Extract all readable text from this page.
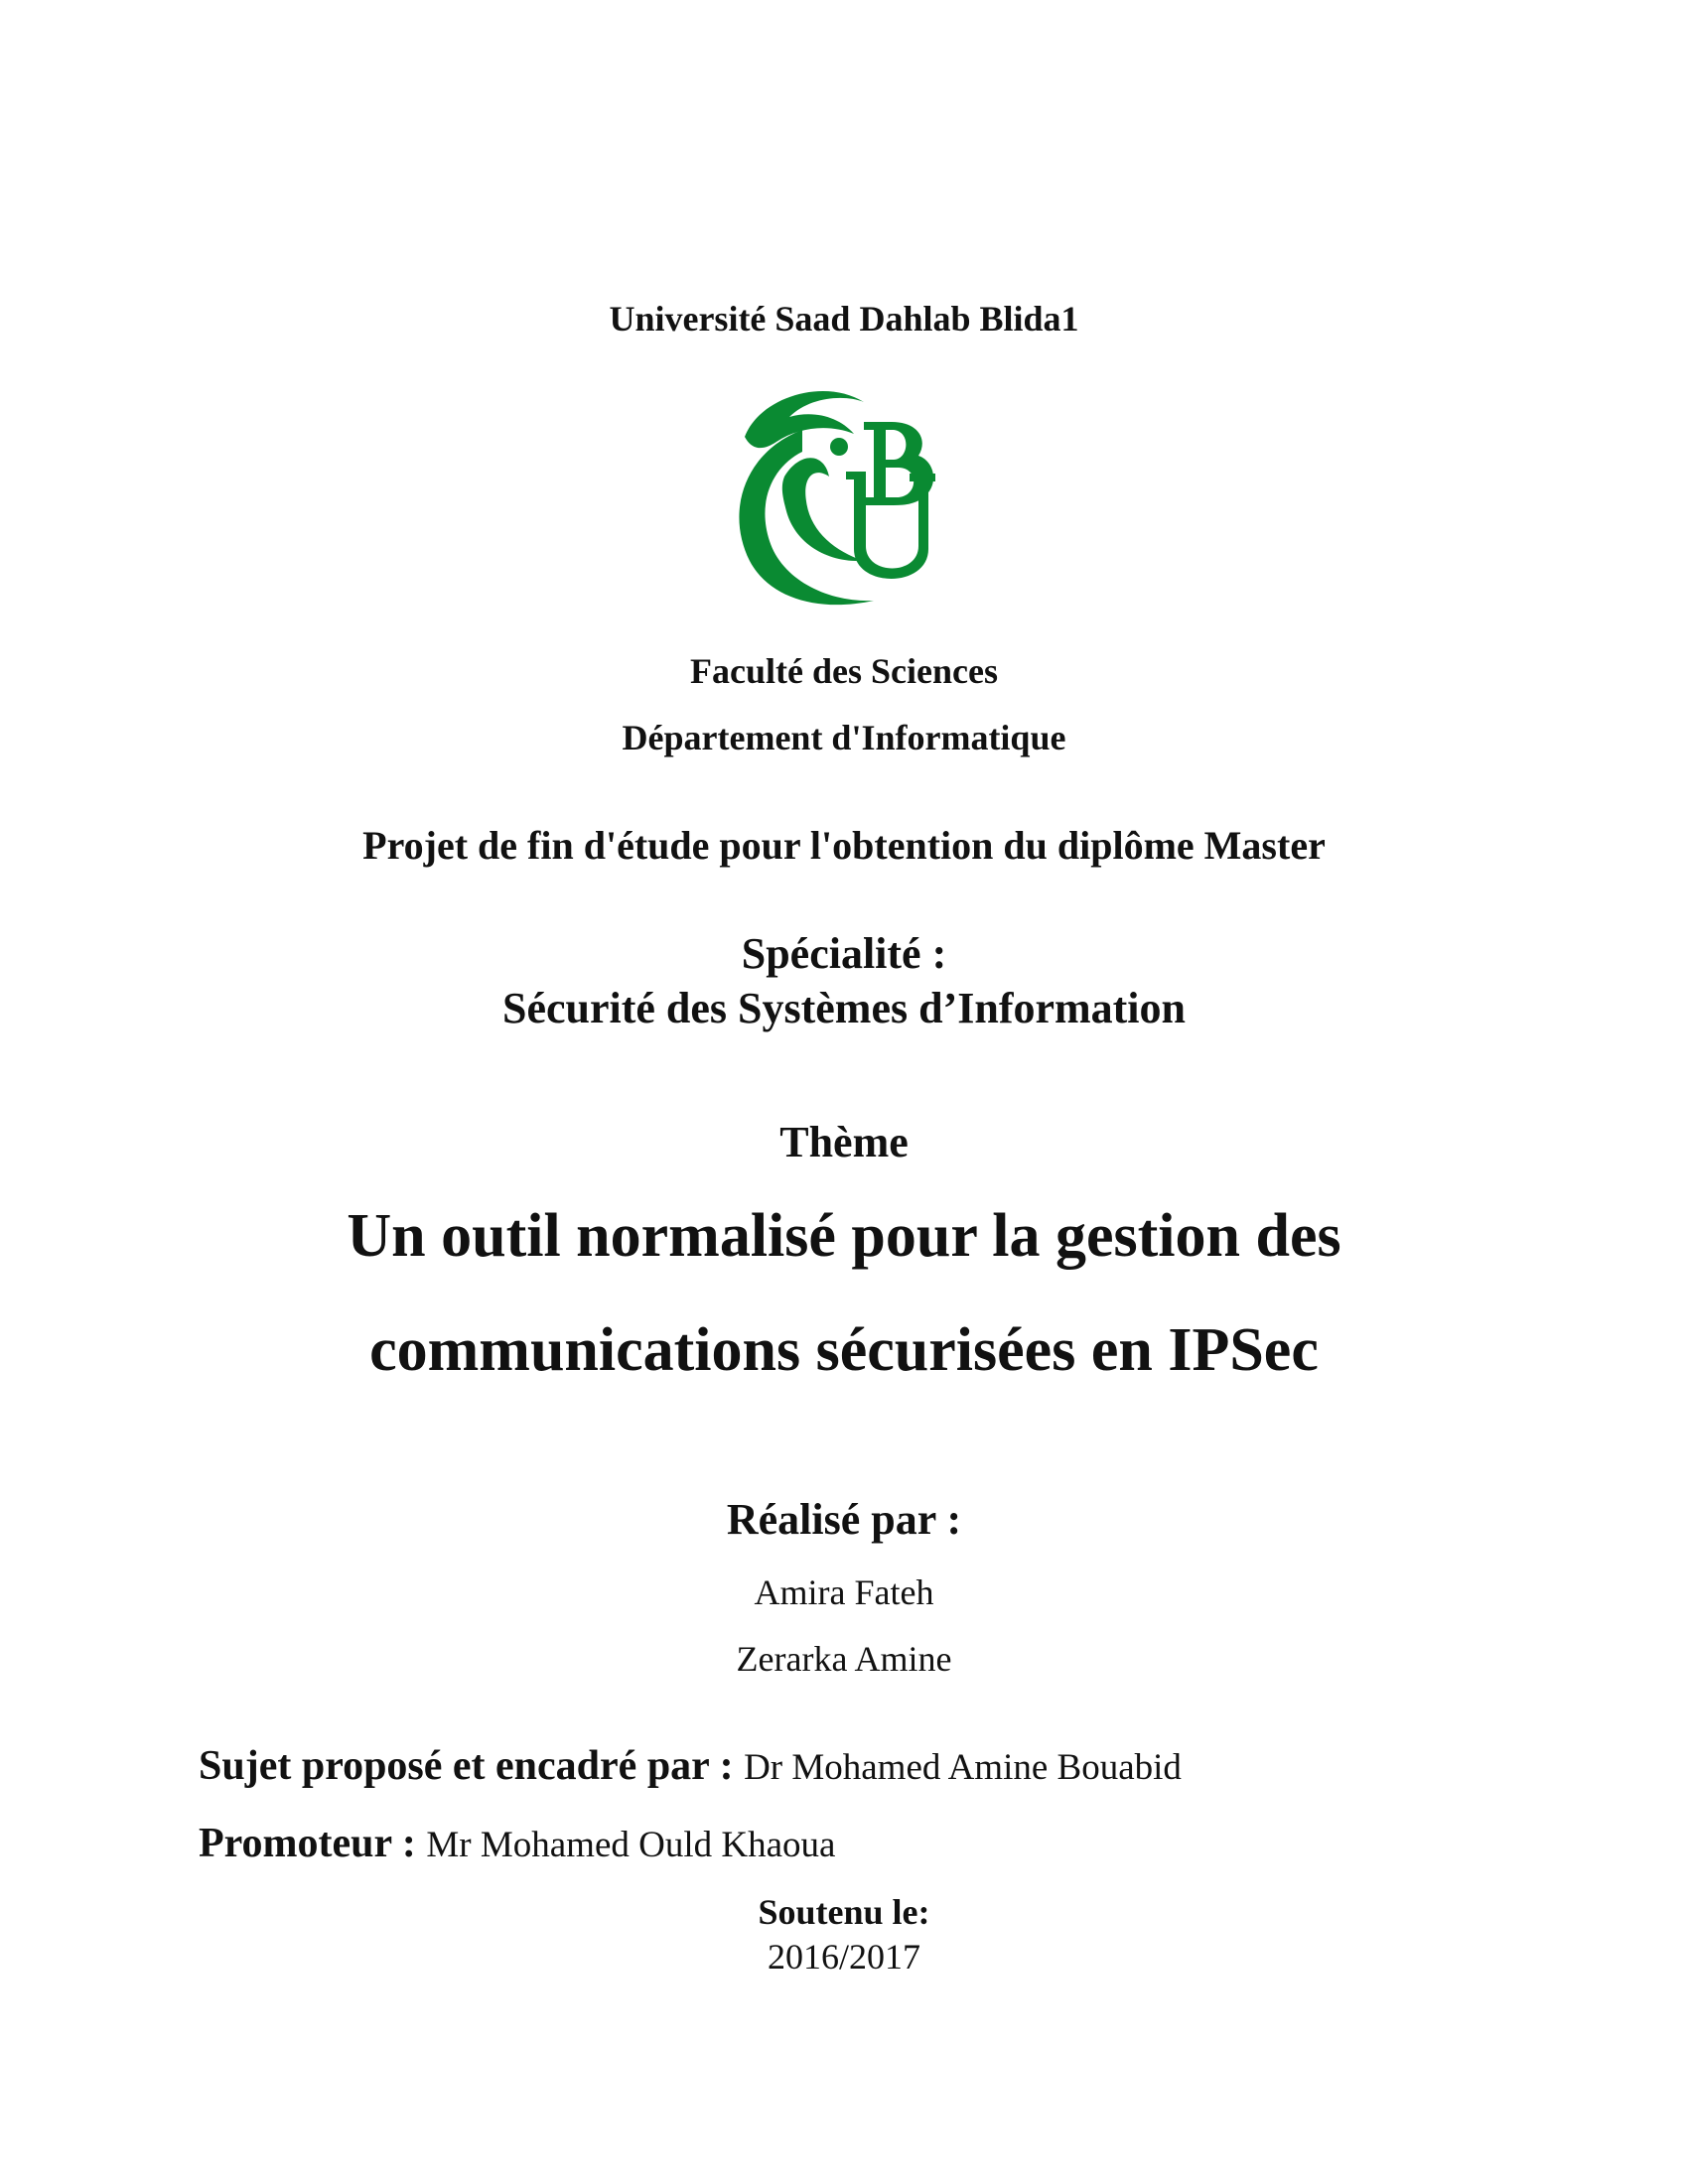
Université Saad Dahlab Blida1
Faculté des Sciences
Département d'Informatique
Projet de fin d'étude pour l'obtention du diplôme Master
Spécialité :
Sécurité des Systèmes d’Information
Thème
Un outil normalisé pour la gestion des
communications sécurisées en IPSec
Réalisé par :
Amira Fateh
Zerarka Amine
Sujet proposé et encadré par : Dr Mohamed Amine Bouabid
Promoteur : Mr Mohamed Ould Khaoua
Soutenu le:
2016/2017
